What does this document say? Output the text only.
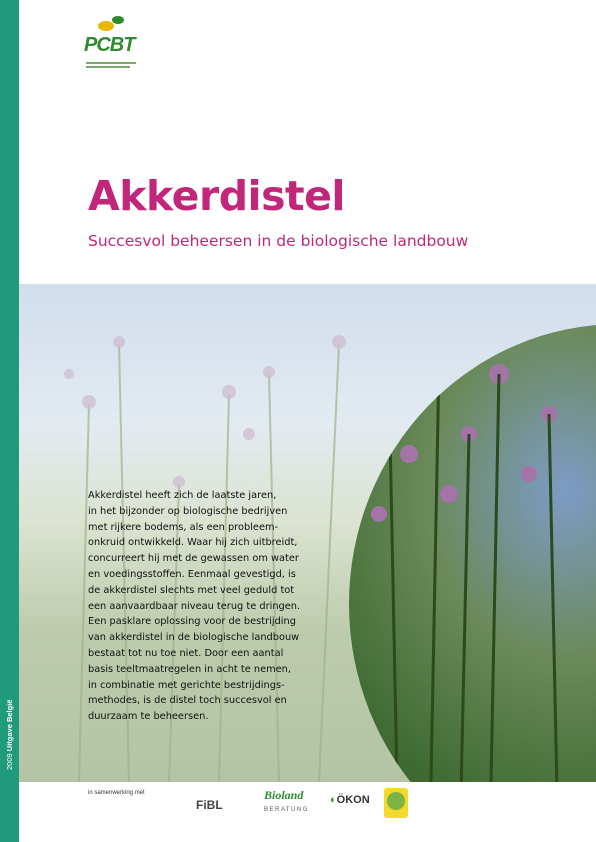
2009 Uitgave België
PCBT
Akkerdistel
Succesvol beheersen in de biologische landbouw

Akkerdistel heeft zich de laatste jaren,
in het bijzonder op biologische bedrijven
met rijkere bodems, als een probleem-
onkruid ontwikkeld. Waar hij zich uitbreidt,
concurreert hij met de gewassen om water
en voedingsstoffen. Eenmaal gevestigd, is
de akkerdistel slechts met veel geduld tot
een aanvaardbaar niveau terug te dringen.
Een pasklare oplossing voor de bestrijding
van akkerdistel in de biologische landbouw
bestaat tot nu toe niet. Door een aantal
basis teeltmaatregelen in acht te nemen,
in combinatie met gerichte bestrijdings-
methodes, is de distel toch succesvol en
duurzaam te beheersen.

in samenwerking met
FiBL
Bioland
BERATUNG
◐ÖKON
